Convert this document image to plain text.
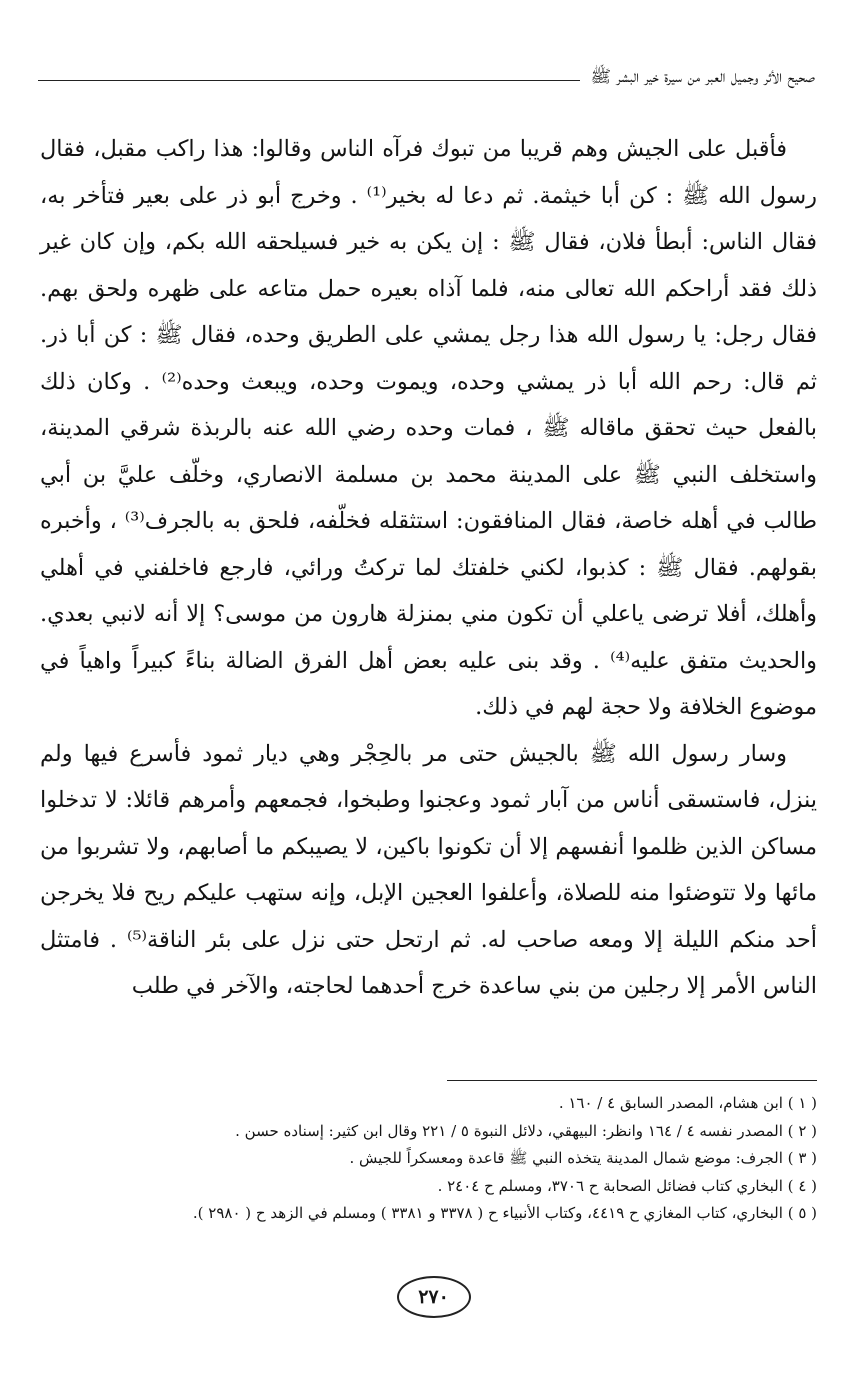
صحيح الأثر وجميل العبر من سيرة خير البشر ﷺ

فأقبل على الجيش وهم قريبا من تبوك فرآه الناس وقالوا: هذا راكب مقبل، فقال رسول الله ﷺ : كن أبا خيثمة. ثم دعا له بخير⁽¹⁾ . وخرج أبو ذر على بعير فتأخر به، فقال الناس: أبطأ فلان، فقال ﷺ : إن يكن به خير فسيلحقه الله بكم، وإن كان غير ذلك فقد أراحكم الله تعالى منه، فلما آذاه بعيره حمل متاعه على ظهره ولحق بهم. فقال رجل: يا رسول الله هذا رجل يمشي على الطريق وحده، فقال ﷺ : كن أبا ذر. ثم قال: رحم الله أبا ذر يمشي وحده، ويموت وحده، ويبعث وحده⁽²⁾ . وكان ذلك بالفعل حيث تحقق ماقاله ﷺ ، فمات وحده رضي الله عنه بالربذة شرقي المدينة، واستخلف النبي ﷺ على المدينة محمد بن مسلمة الانصاري، وخلّف عليَّ بن أبي طالب في أهله خاصة، فقال المنافقون: استثقله فخلّفه، فلحق به بالجرف⁽³⁾ ، وأخبره بقولهم. فقال ﷺ : كذبوا، لكني خلفتك لما تركتُ ورائي، فارجع فاخلفني في أهلي وأهلك، أفلا ترضى ياعلي أن تكون مني بمنزلة هارون من موسى؟ إلا أنه لانبي بعدي. والحديث متفق عليه⁽⁴⁾ . وقد بنى عليه بعض أهل الفرق الضالة بناءً كبيراً واهياً في موضوع الخلافة ولا حجة لهم في ذلك.

وسار رسول الله ﷺ بالجيش حتى مر بالحِجْر وهي ديار ثمود فأسرع فيها ولم ينزل، فاستسقى أناس من آبار ثمود وعجنوا وطبخوا، فجمعهم وأمرهم قائلا: لا تدخلوا مساكن الذين ظلموا أنفسهم إلا أن تكونوا باكين، لا يصيبكم ما أصابهم، ولا تشربوا من مائها ولا تتوضئوا منه للصلاة، وأعلفوا العجين الإبل، وإنه ستهب عليكم ريح فلا يخرجن أحد منكم الليلة إلا ومعه صاحب له. ثم ارتحل حتى نزل على بئر الناقة⁽⁵⁾ . فامتثل الناس الأمر إلا رجلين من بني ساعدة خرج أحدهما لحاجته، والآخر في طلب

( ١ ) ابن هشام، المصدر السابق ٤ / ١٦٠ .

( ٢ ) المصدر نفسه ٤ / ١٦٤ وانظر: البيهقي، دلائل النبوة ٥ / ٢٢١ وقال ابن كثير: إسناده حسن .

( ٣ ) الجرف: موضع شمال المدينة يتخذه النبي ﷺ قاعدة ومعسكراً للجيش .

( ٤ ) البخاري كتاب فضائل الصحابة ح ٣٧٠٦، ومسلم ح ٢٤٠٤ .

( ٥ ) البخاري، كتاب المغازي ح ٤٤١٩، وكتاب الأنبياء ح ( ٣٣٧٨ و ٣٣٨١ ) ومسلم في الزهد ح ( ٢٩٨٠ ).

٢٧٠
